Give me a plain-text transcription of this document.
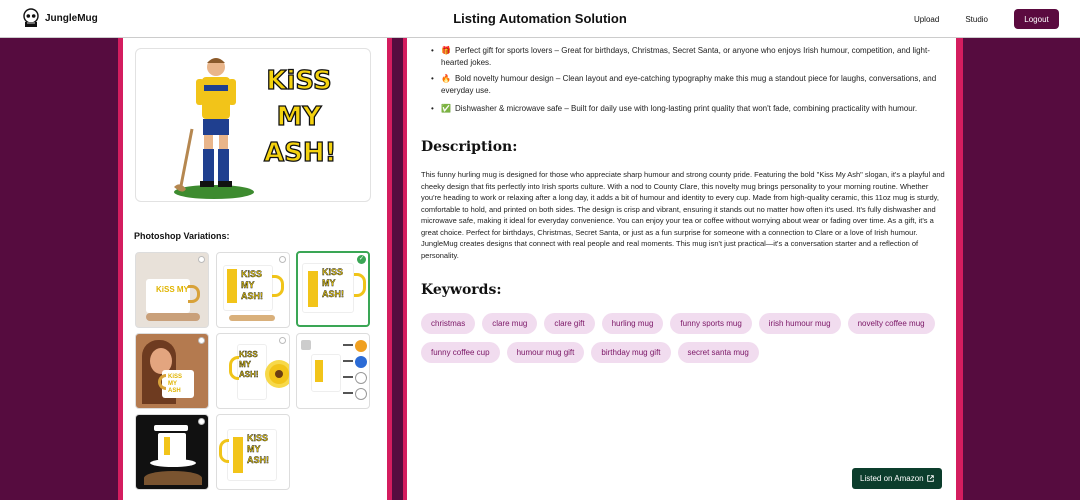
JungleMug	Listing Automation Solution	Upload	Studio	Logout
KiSS
MY
ASH!
Photoshop Variations:
KiSS MY
KiSS
MY
ASH!
KiSS
MY
ASH!
✓
KiSS
MY
ASH
KiSS
MY
ASH!
KiSS
MY
ASH!
• 🎁 Perfect gift for sports lovers – Great for birthdays, Christmas, Secret Santa, or anyone who enjoys Irish humour, competition, and light-hearted jokes.
• 🔥 Bold novelty humour design – Clean layout and eye-catching typography make this mug a standout piece for laughs, conversations, and everyday use.
• ✅ Dishwasher & microwave safe – Built for daily use with long-lasting print quality that won't fade, combining practicality with humour.
Description:
This funny hurling mug is designed for those who appreciate sharp humour and strong county pride. Featuring the bold "Kiss My Ash" slogan, it's a playful and cheeky design that fits perfectly into Irish sports culture. With a nod to County Clare, this novelty mug brings personality to your morning routine. Whether you're heading to work or relaxing after a long day, it adds a bit of humour and identity to every cup. Made from high-quality ceramic, this 11oz mug is sturdy, comfortable to hold, and printed on both sides. The design is crisp and vibrant, ensuring it stands out no matter how often it's used. It's fully dishwasher and microwave safe, making it ideal for everyday convenience. You can enjoy your tea or coffee without worrying about wear or fading over time. As a gift, it's a great choice. Perfect for birthdays, Christmas, Secret Santa, or just as a fun surprise for someone with a connection to Clare or a love of Irish humour. JungleMug creates designs that connect with real people and real moments. This mug isn't just practical—it's a conversation starter and a reflection of personality.
Keywords:
christmas	clare mug	clare gift	hurling mug	funny sports mug	irish humour mug	novelty coffee mug
funny coffee cup	humour mug gift	birthday mug gift	secret santa mug
Listed on Amazon
